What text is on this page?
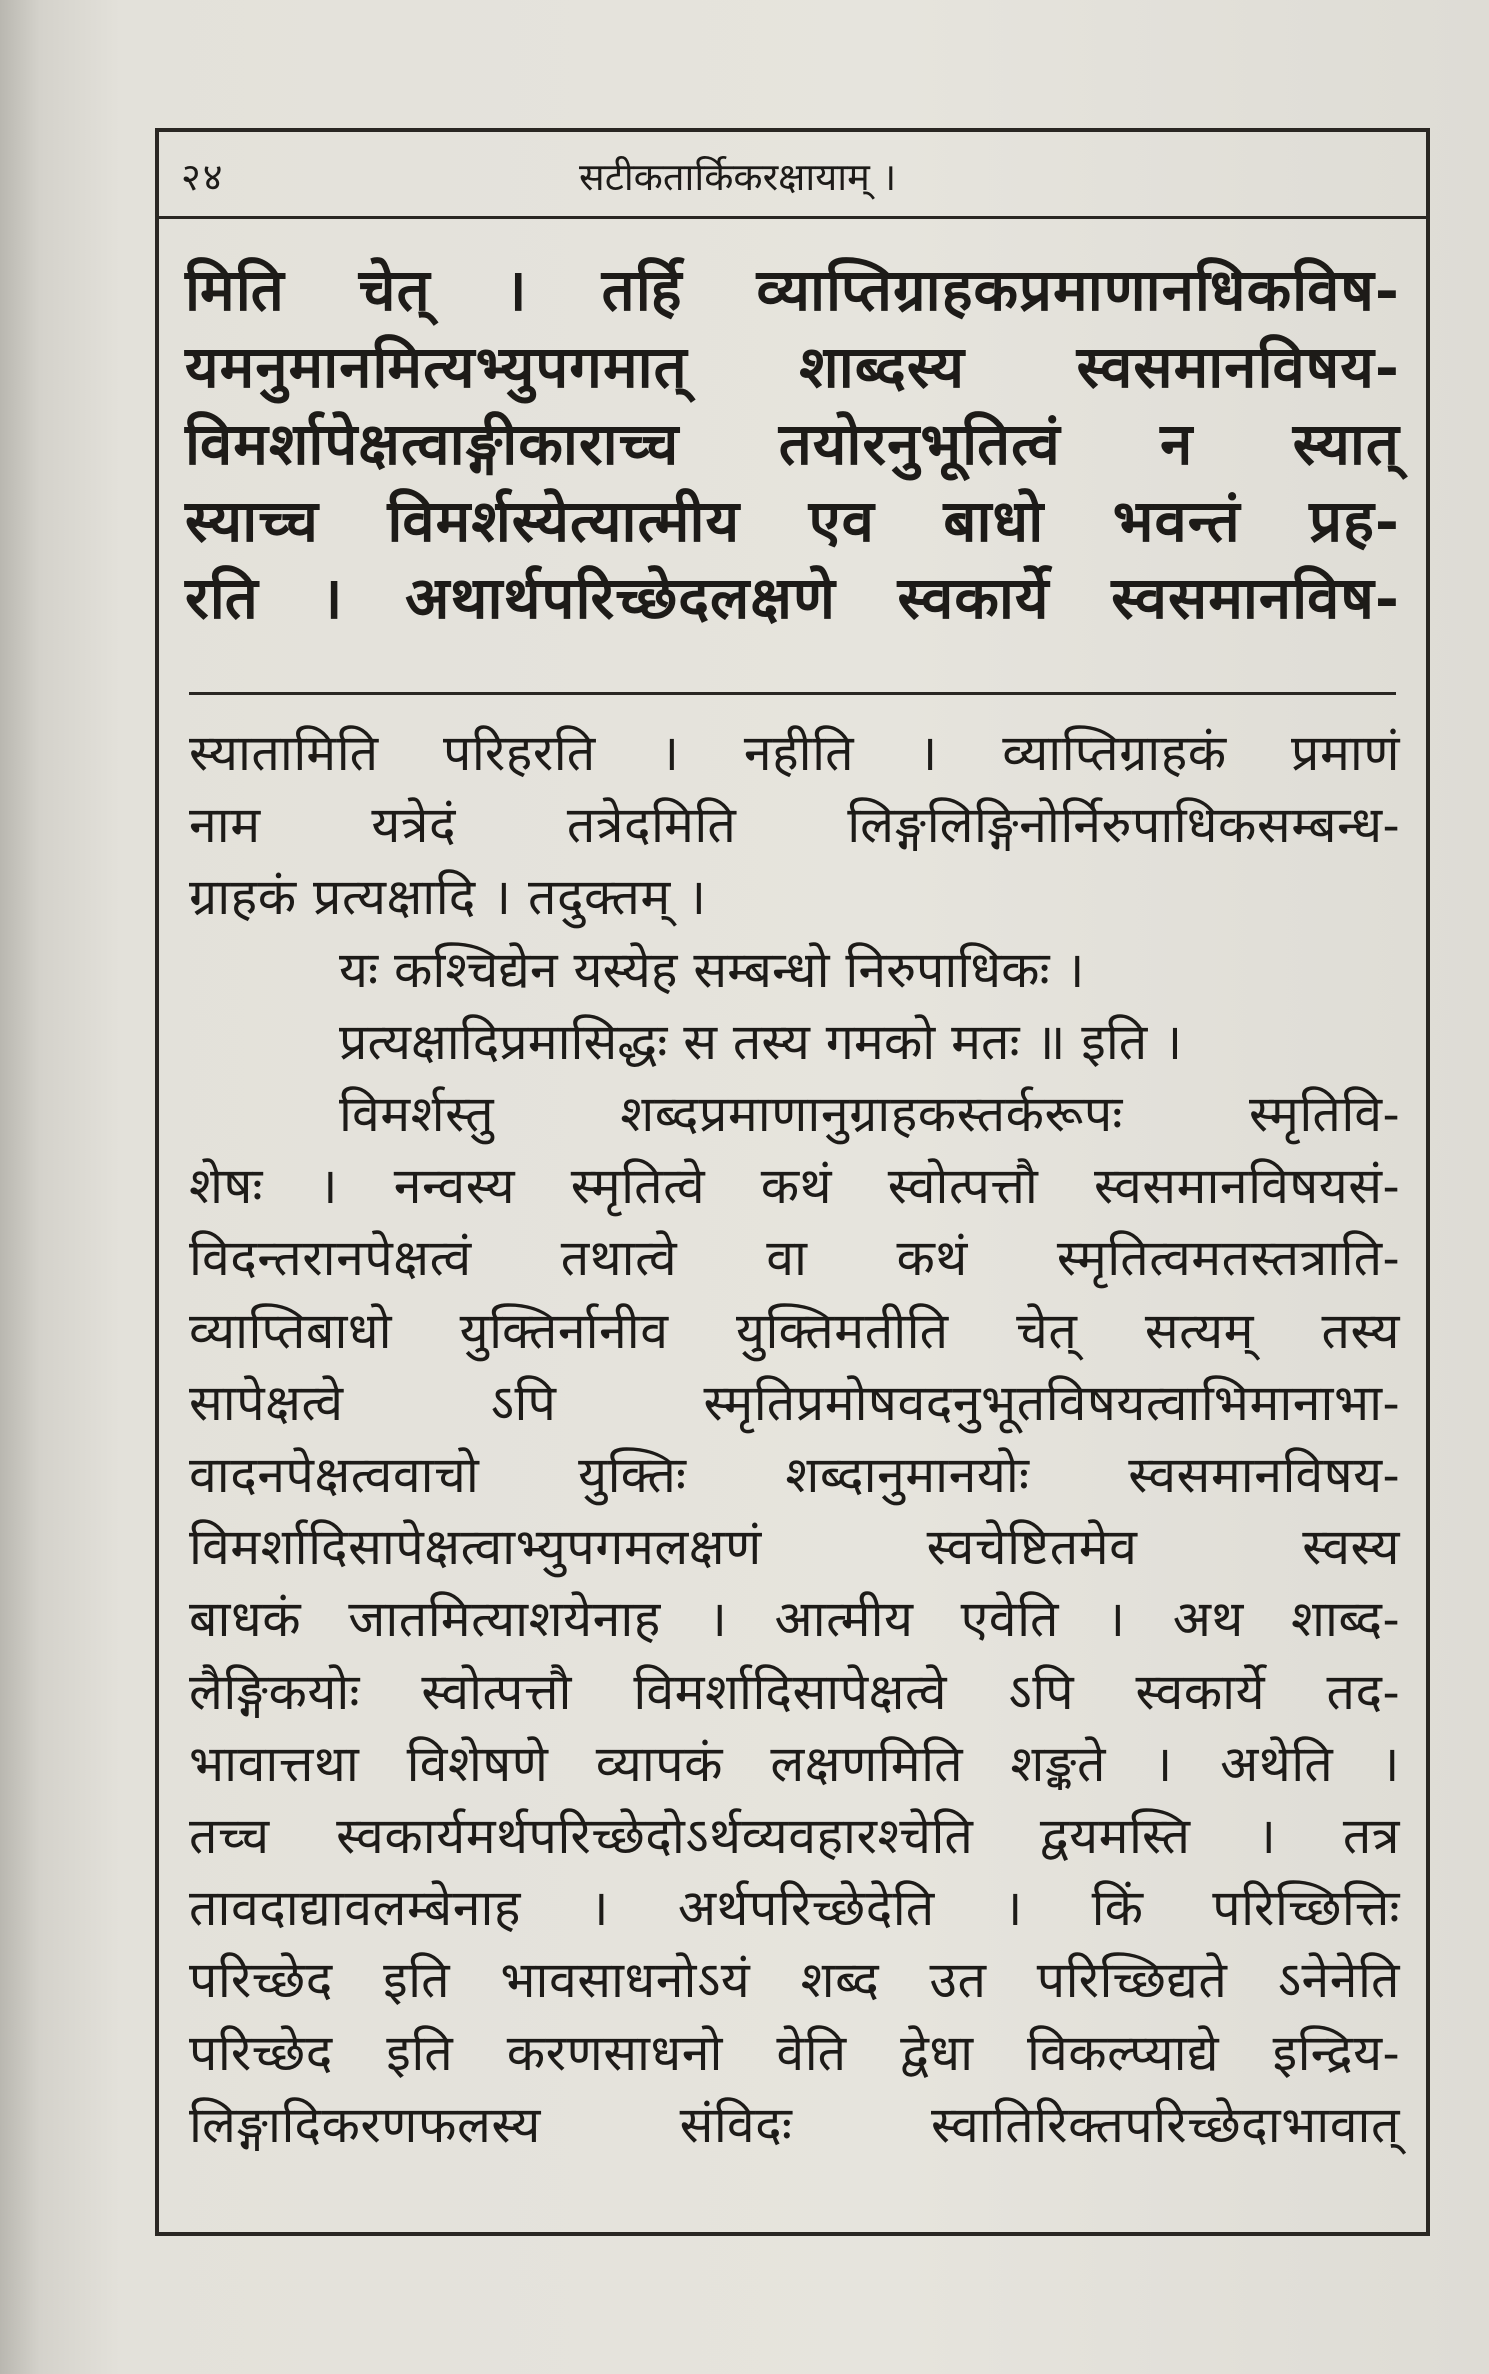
२४	सटीकतार्किकरक्षायाम् ।
मिति चेत् । तर्हि व्याप्तिग्राहकप्रमाणानधिकविष-
यमनुमानमित्यभ्युपगमात् शाब्दस्य स्वसमानविषय-
विमर्शापेक्षत्वाङ्गीकाराच्च तयोरनुभूतित्वं न स्यात्
स्याच्च विमर्शस्येत्यात्मीय एव बाधो भवन्तं प्रह-
रति । अथार्थपरिच्छेदलक्षणे स्वकार्ये स्वसमानविष-
स्यातामिति परिहरति । नहीति । व्याप्तिग्राहकं प्रमाणं
नाम यत्रेदं तत्रेदमिति लिङ्गलिङ्गिनोर्निरुपाधिकसम्बन्ध-
ग्राहकं प्रत्यक्षादि । तदुक्तम् ।
यः कश्चिद्येन यस्येह सम्बन्धो निरुपाधिकः ।
प्रत्यक्षादिप्रमासिद्धः स तस्य गमको मतः ॥ इति ।
विमर्शस्तु शब्दप्रमाणानुग्राहकस्तर्करूपः स्मृतिवि-
शेषः । नन्वस्य स्मृतित्वे कथं स्वोत्पत्तौ स्वसमानविषयसं-
विदन्तरानपेक्षत्वं तथात्वे वा कथं स्मृतित्वमतस्तत्राति-
व्याप्तिबाधो युक्तिर्नानीव युक्तिमतीति चेत् सत्यम् तस्य
सापेक्षत्वे ऽपि स्मृतिप्रमोषवदनुभूतविषयत्वाभिमानाभा-
वादनपेक्षत्ववाचो युक्तिः शब्दानुमानयोः स्वसमानविषय-
विमर्शादिसापेक्षत्वाभ्युपगमलक्षणं स्वचेष्टितमेव स्वस्य
बाधकं जातमित्याशयेनाह । आत्मीय एवेति । अथ शाब्द-
लैङ्गिकयोः स्वोत्पत्तौ विमर्शादिसापेक्षत्वे ऽपि स्वकार्ये तद-
भावात्तथा विशेषणे व्यापकं लक्षणमिति शङ्कते । अथेति ।
तच्च स्वकार्यमर्थपरिच्छेदोऽर्थव्यवहारश्चेति द्वयमस्ति । तत्र
तावदाद्यावलम्बेनाह । अर्थपरिच्छेदेति । किं परिच्छित्तिः
परिच्छेद इति भावसाधनोऽयं शब्द उत परिच्छिद्यते ऽनेनेति
परिच्छेद इति करणसाधनो वेति द्वेधा विकल्प्याद्ये इन्द्रिय-
लिङ्गादिकरणफलस्य संविदः स्वातिरिक्तपरिच्छेदाभावात्
